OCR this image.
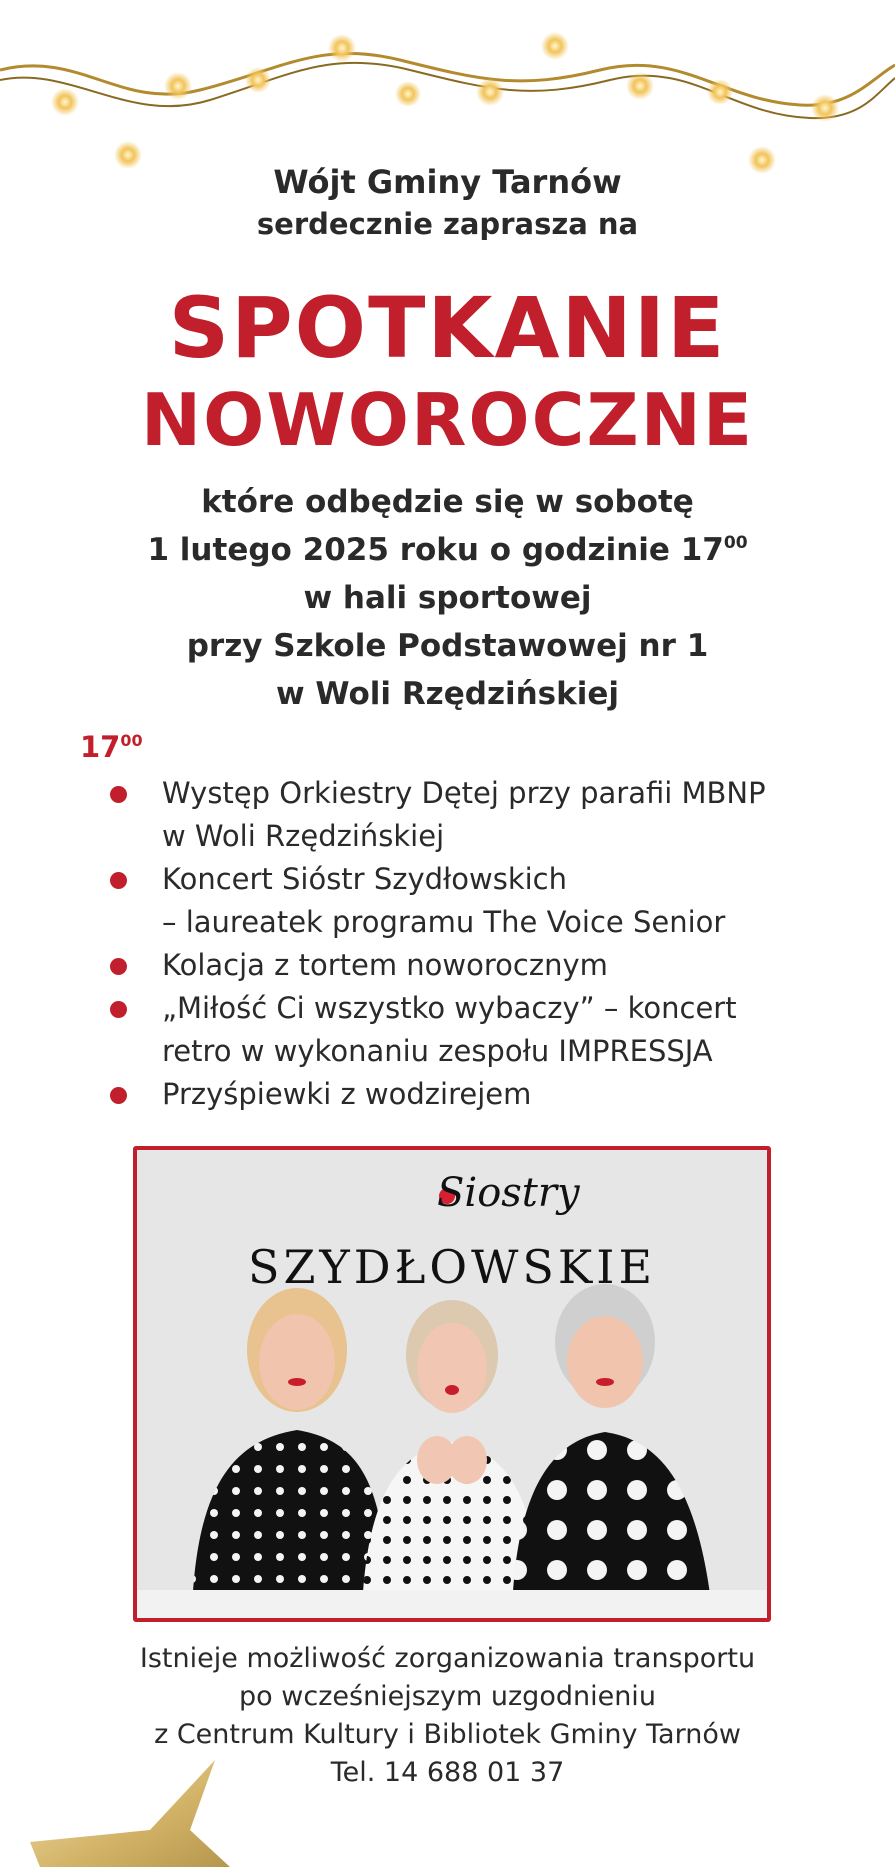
Wójt Gminy Tarnów
serdecznie zaprasza na
SPOTKANIE
NOWOROCZNE
które odbędzie się w sobotę
1 lutego 2025 roku o godzinie $17^{00}$
w hali sportowej
przy Szkole Podstawowej nr 1
w Woli Rzędzińskiej
$17^{00}$
Występ Orkiestry Dętej przy parafii MBNP
w Woli Rzędzińskiej
Koncert Sióstr Szydłowskich
– laureatek programu The Voice Senior
Kolacja z tortem noworocznym
„Miłość Ci wszystko wybaczy” – koncert
retro w wykonaniu zespołu IMPRESSJA
Przyśpiewki z wodzirejem
Siostry
SZYDŁOWSKIE
Istnieje możliwość zorganizowania transportu
po wcześniejszym uzgodnieniu
z Centrum Kultury i Bibliotek Gminy Tarnów
Tel. 14 688 01 37
